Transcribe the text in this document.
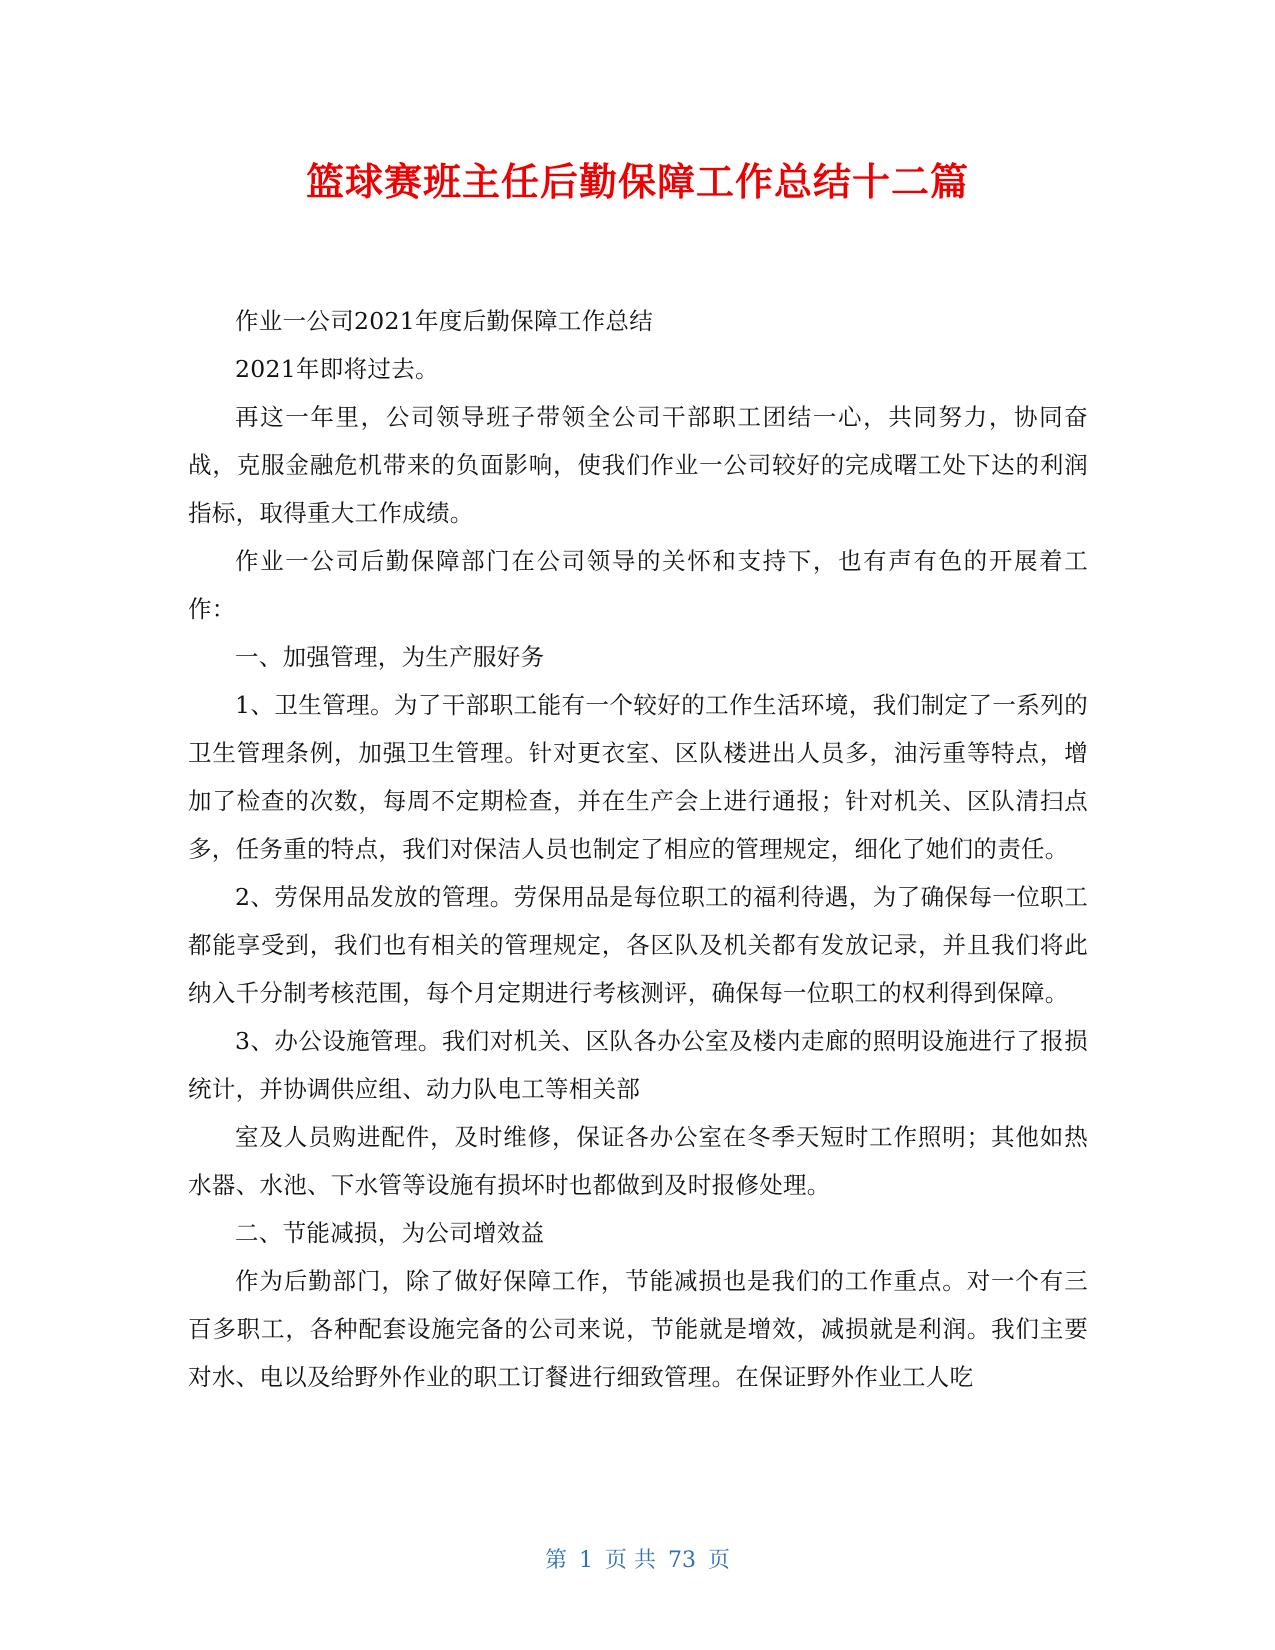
篮球赛班主任后勤保障工作总结十二篇

作业一公司2021年度后勤保障工作总结

2021年即将过去。

再这一年里，公司领导班子带领全公司干部职工团结一心，共同努力，协同奋战，克服金融危机带来的负面影响，使我们作业一公司较好的完成曙工处下达的利润指标，取得重大工作成绩。

作业一公司后勤保障部门在公司领导的关怀和支持下，也有声有色的开展着工作：

一、加强管理，为生产服好务

1、卫生管理。为了干部职工能有一个较好的工作生活环境，我们制定了一系列的卫生管理条例，加强卫生管理。针对更衣室、区队楼进出人员多，油污重等特点，增加了检查的次数，每周不定期检查，并在生产会上进行通报；针对机关、区队清扫点多，任务重的特点，我们对保洁人员也制定了相应的管理规定，细化了她们的责任。

2、劳保用品发放的管理。劳保用品是每位职工的福利待遇，为了确保每一位职工都能享受到，我们也有相关的管理规定，各区队及机关都有发放记录，并且我们将此纳入千分制考核范围，每个月定期进行考核测评，确保每一位职工的权利得到保障。

3、办公设施管理。我们对机关、区队各办公室及楼内走廊的照明设施进行了报损统计，并协调供应组、动力队电工等相关部

室及人员购进配件，及时维修，保证各办公室在冬季天短时工作照明；其他如热水器、水池、下水管等设施有损坏时也都做到及时报修处理。

二、节能减损，为公司增效益

作为后勤部门，除了做好保障工作，节能减损也是我们的工作重点。对一个有三百多职工，各种配套设施完备的公司来说，节能就是增效，减损就是利润。我们主要对水、电以及给野外作业的职工订餐进行细致管理。在保证野外作业工人吃

第 1 页 共 73 页
